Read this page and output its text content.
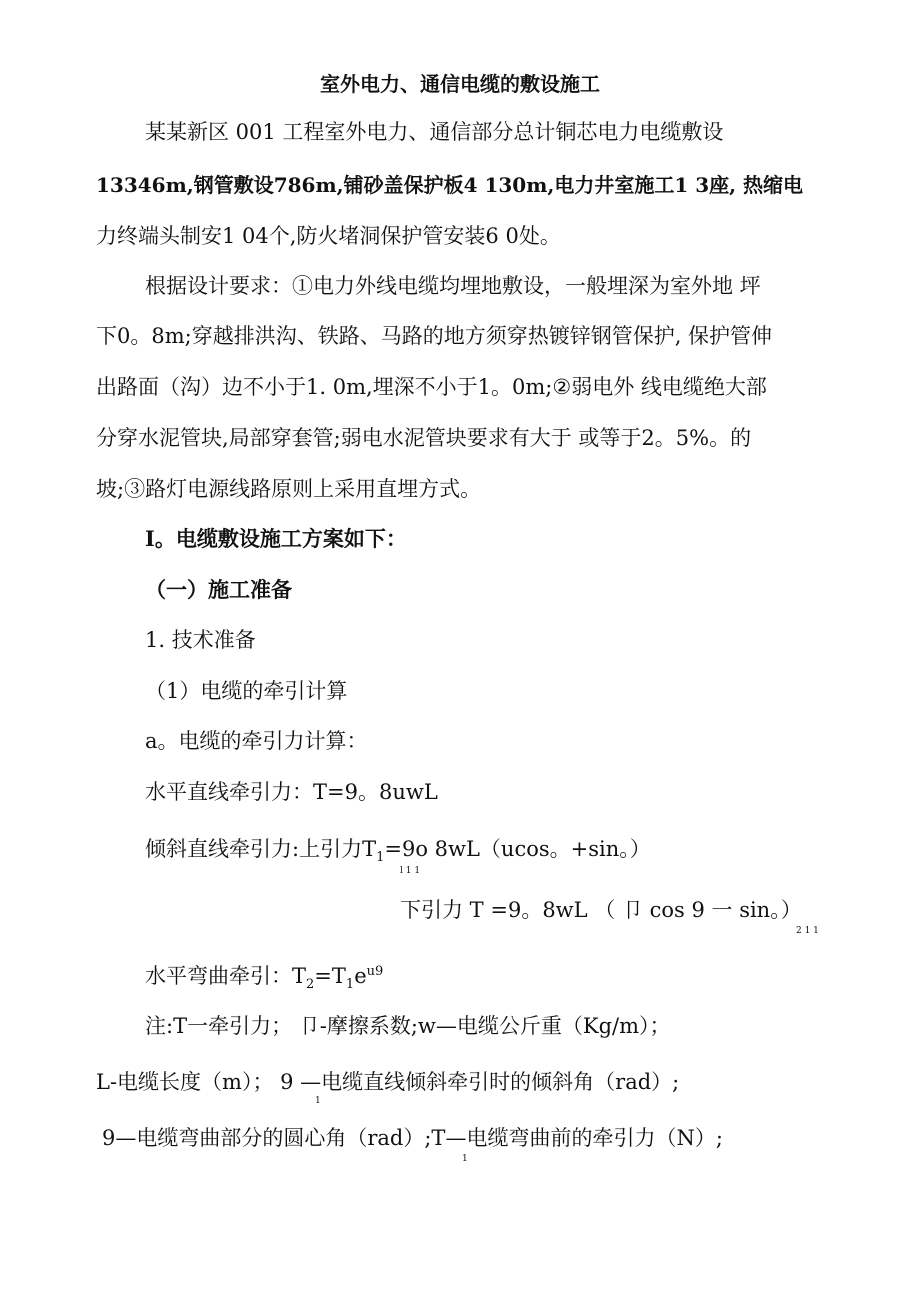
室外电力、通信电缆的敷设施工
某某新区 001 工程室外电力、通信部分总计铜芯电力电缆敷设
13346m,钢管敷设786m,铺砂盖保护板4 130m,电力井室施工1 3座, 热缩电
力终端头制安1 04个,防火堵洞保护管安装6 0处。
根据设计要求：①电力外线电缆均埋地敷设，一般埋深为室外地 坪
下0。8m;穿越排洪沟、铁路、马路的地方须穿热镀锌钢管保护, 保护管伸
出路面（沟）边不小于1. 0m,埋深不小于1。0m;②弱电外 线电缆绝大部
分穿水泥管块,局部穿套管;弱电水泥管块要求有大于 或等于2。5%。的
坡;③路灯电源线路原则上采用直埋方式。
I。电缆敷设施工方案如下：
（一）施工准备
1. 技术准备
（1）电缆的牵引计算
a。电缆的牵引力计算：
水平直线牵引力：T=9。8uwL
倾斜直线牵引力:上引力$T_1=9o$ 8wL（ucos。+sin。）
l 1 1
下引力 T =9。8wL （ 卩 cos 9 一 sin。）
2 1 1
水平弯曲牵引：$T_2=T_1e^{u9}$
注:T一牵引力； 卩-摩擦系数;w—电缆公斤重（Kg/m）；
L-电缆长度（m）； 9 —电缆直线倾斜牵引时的倾斜角（rad）;
1
9—电缆弯曲部分的圆心角（rad）;T—电缆弯曲前的牵引力（N）;
1
